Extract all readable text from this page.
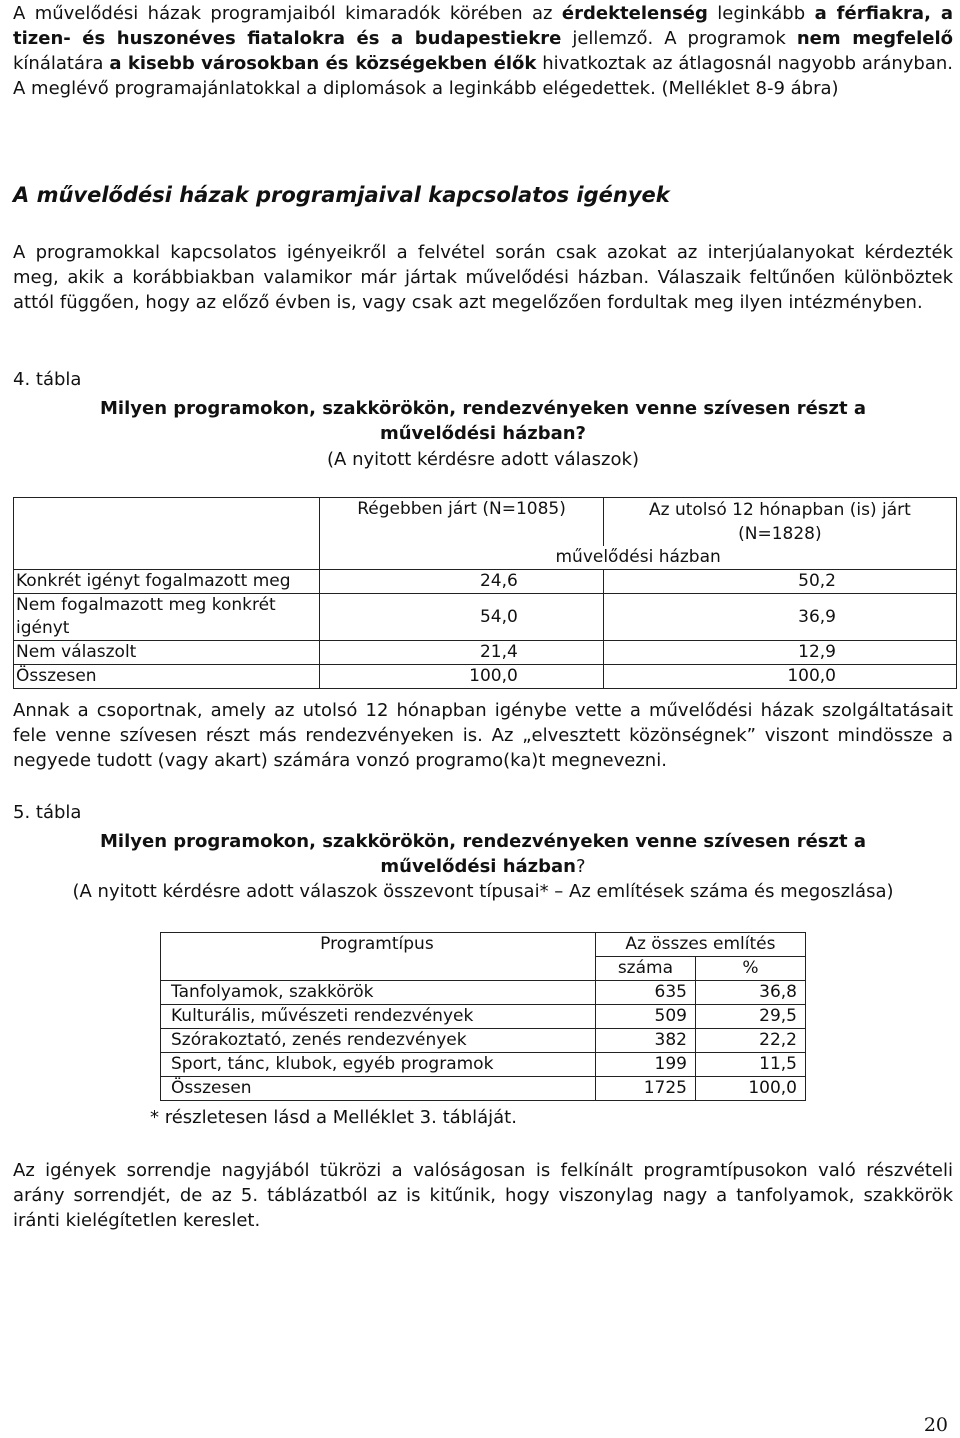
A művelődési házak programjaiból kimaradók körében az érdektelenség leginkább a férfiakra, a tizen- és huszonéves fiatalokra és a budapestiekre jellemző. A programok nem megfelelő kínálatára a kisebb városokban és községekben élők hivatkoztak az átlagosnál nagyobb arányban. A meglévő programajánlatokkal a diplomások a leginkább elégedettek. (Melléklet 8-9 ábra)

A művelődési házak programjaival kapcsolatos igények

A programokkal kapcsolatos igényeikről a felvétel során csak azokat az interjúalanyokat kérdezték meg, akik a korábbiakban valamikor már jártak művelődési házban. Válaszaik feltűnően különböztek attól függően, hogy az előző évben is, vagy csak azt megelőzően fordultak meg ilyen intézményben.

4. tábla
Milyen programokon, szakkörökön, rendezvényeken venne szívesen részt a
művelődési házban?
(A nyitott kérdésre adott válaszok)
	Régebben járt (N=1085)	Az utolsó 12 hónapban (is) járt
(N=1828)

	művelődési házban	
Konkrét igényt fogalmazott meg	24,6	50,2
Nem fogalmazott meg konkrét igényt	54,0	36,9
Nem válaszolt	21,4	12,9
Összesen	100,0	100,0

Annak a csoportnak, amely az utolsó 12 hónapban igénybe vette a művelődési házak szolgáltatásait fele venne szívesen részt más rendezvényeken is. Az „elvesztett közönségnek” viszont mindössze a negyede tudott (vagy akart) számára vonzó programo(ka)t megnevezni.

5. tábla
Milyen programokon, szakkörökön, rendezvényeken venne szívesen részt a
művelődési házban?
(A nyitott kérdésre adott válaszok összevont típusai* – Az említések száma és megoszlása)
Programtípus	Az összes említés	
	száma	%
Tanfolyamok, szakkörök	635	36,8
Kulturális, művészeti rendezvények	509	29,5
Szórakoztató, zenés rendezvények	382	22,2
Sport, tánc, klubok, egyéb programok	199	11,5
Összesen	1725	100,0
* részletesen lásd a Melléklet 3. tábláját.

Az igények sorrendje nagyjából tükrözi a valóságosan is felkínált programtípusokon való részvételi arány sorrendjét, de az 5. táblázatból az is kitűnik, hogy viszonylag nagy a tanfolyamok, szakkörök iránti kielégítetlen kereslet.

20
